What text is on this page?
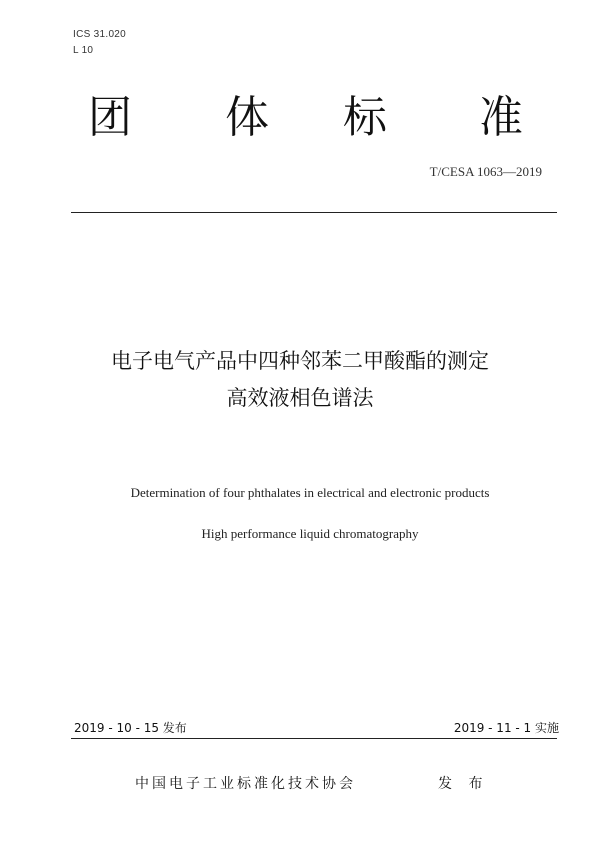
ICS 31.020
L 10
团 体 标 准
T/CESA 1063—2019
电子电气产品中四种邻苯二甲酸酯的测定
高效液相色谱法
Determination of four phthalates in electrical and electronic products
High performance liquid chromatography
2019 - 10 - 15 发布	2019 - 11 - 1 实施
中国电子工业标准化技术协会	发 布
